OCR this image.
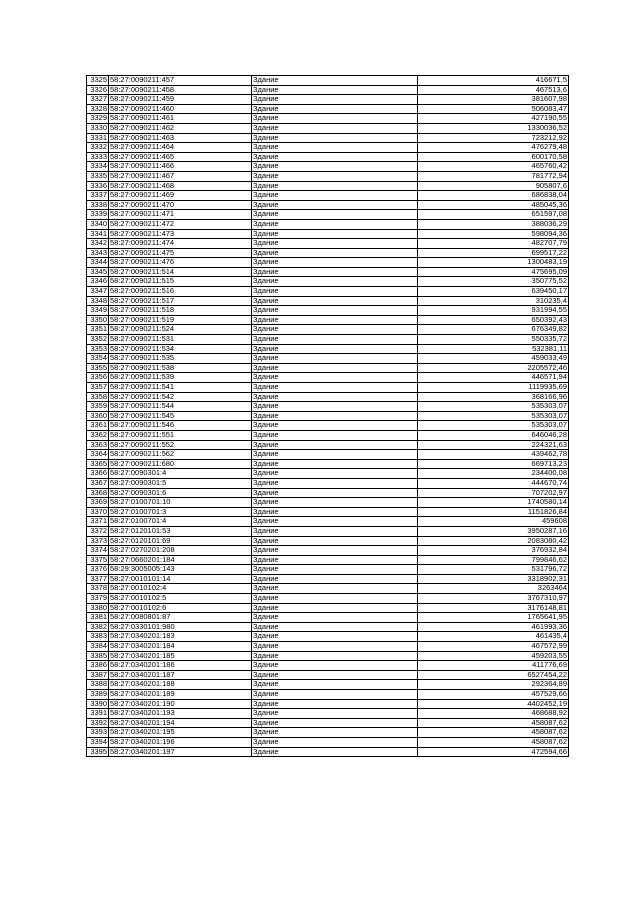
3325	58:27:0090211:457	Здание	416671,5
3326	58:27:0090211:458	Здание	467513,6
3327	58:27:0090211:459	Здание	381607,98
3328	58:27:0090211:460	Здание	506083,47
3329	58:27:0090211:461	Здание	427190,55
3330	58:27:0090211:462	Здание	1330036,52
3331	58:27:0090211:463	Здание	723212,92
3332	58:27:0090211:464	Здание	476279,48
3333	58:27:0090211:465	Здание	600170,58
3334	58:27:0090211:466	Здание	465760,42
3335	58:27:0090211:467	Здание	781772,94
3336	58:27:0090211:468	Здание	905807,6
3337	58:27:0090211:469	Здание	686838,04
3338	58:27:0090211:470	Здание	485045,36
3339	58:27:0090211:471	Здание	651597,08
3340	58:27:0090211:472	Здание	388036,29
3341	58:27:0090211:473	Здание	598094,36
3342	58:27:0090211:474	Здание	482707,79
3343	58:27:0090211:475	Здание	699517,22
3344	58:27:0090211:476	Здание	1300483,19
3345	58:27:0090211:514	Здание	475695,09
3346	58:27:0090211:515	Здание	350775,52
3347	58:27:0090211:516	Здание	639450,17
3348	58:27:0090211:517	Здание	310235,4
3349	58:27:0090211:518	Здание	931994,55
3350	58:27:0090211:519	Здание	650392,43
3351	58:27:0090211:524	Здание	676349,82
3352	58:27:0090211:531	Здание	550335,72
3353	58:27:0090211:534	Здание	532381,11
3354	58:27:0090211:535	Здание	459033,49
3355	58:27:0090211:538	Здание	2205572,46
3356	58:27:0090211:539	Здание	446571,94
3357	58:27:0090211:541	Здание	1119935,69
3358	58:27:0090211:542	Здание	368166,96
3359	58:27:0090211:544	Здание	535303,07
3360	58:27:0090211:545	Здание	535303,07
3361	58:27:0090211:546	Здание	535303,07
3362	58:27:0090211:551	Здание	646046,28
3363	58:27:0090211:552	Здание	224321,63
3364	58:27:0090211:562	Здание	439462,78
3365	58:27:0090211:680	Здание	669713,23
3366	58:27:0090301:4	Здание	234400,08
3367	58:27:0090301:5	Здание	444670,74
3368	58:27:0090301:6	Здание	707202,97
3369	58:27:0100701:10	Здание	1740580,14
3370	58:27:0100701:3	Здание	1151826,84
3371	58:27:0100701:4	Здание	459608
3372	58:27:0120101:53	Здание	3950287,16
3373	58:27:0120101:69	Здание	2083080,42
3374	58:27:0270201:208	Здание	376932,84
3375	58:27:0660201:184	Здание	799846,62
3376	58:29:3005005:143	Здание	531796,72
3377	58:27:0010101:14	Здание	3318902,31
3378	58:27:0010102:4	Здание	3263464
3379	58:27:0010102:5	Здание	3767310,97
3380	58:27:0010102:6	Здание	3176148,81
3381	58:27:0080801:87	Здание	1765641,95
3382	58:27:0330101:980	Здание	461993,36
3383	58:27:0340201:183	Здание	461435,4
3384	58:27:0340201:184	Здание	467572,99
3385	58:27:0340201:185	Здание	459203,55
3386	58:27:0340201:186	Здание	411776,69
3387	58:27:0340201:187	Здание	6527454,22
3388	58:27:0340201:188	Здание	292364,89
3389	58:27:0340201:189	Здание	457529,66
3390	58:27:0340201:190	Здание	4402452,19
3391	58:27:0340201:193	Здание	468688,92
3392	58:27:0340201:194	Здание	458087,62
3393	58:27:0340201:195	Здание	458087,62
3394	58:27:0340201:196	Здание	458087,62
3395	58:27:0340201:197	Здание	472594,66
